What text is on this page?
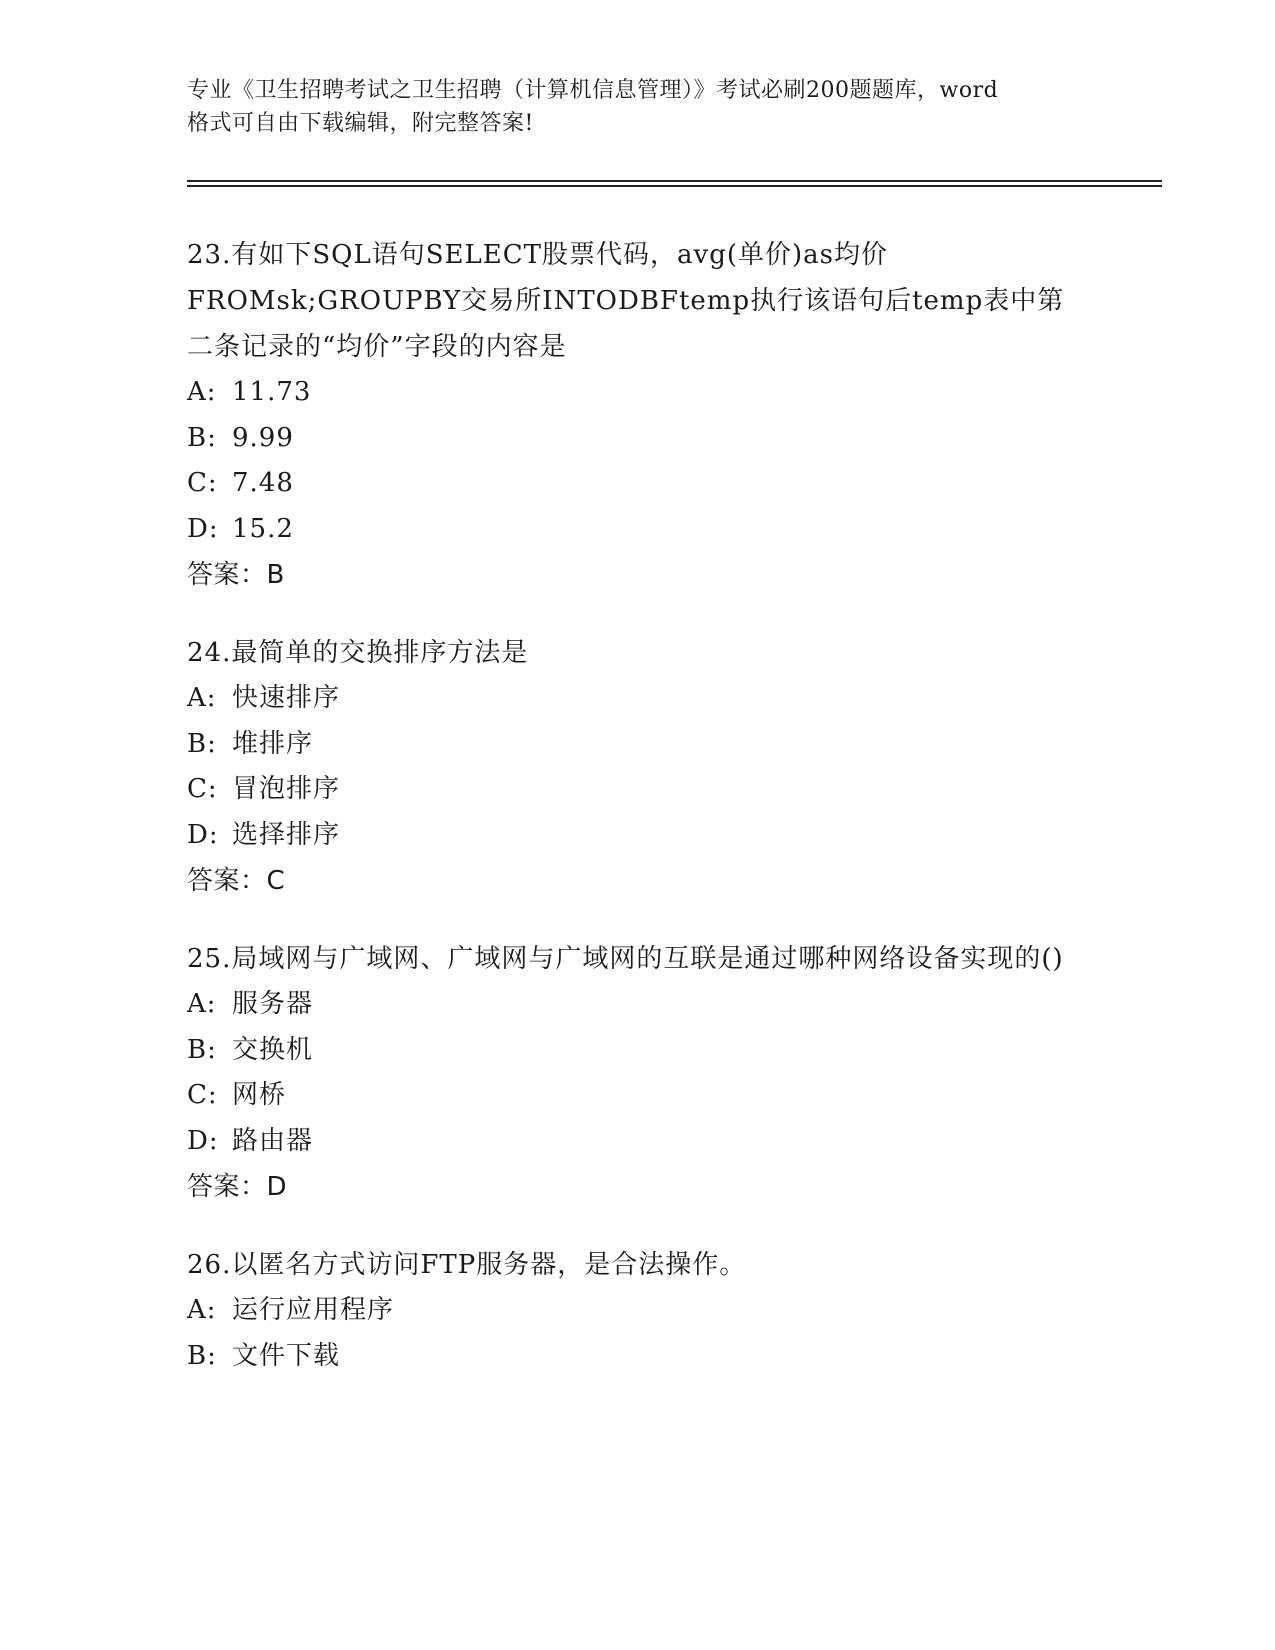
专业《卫生招聘考试之卫生招聘（计算机信息管理）》考试必刷200题题库，word
格式可自由下载编辑，附完整答案!
23.有如下SQL语句SELECT股票代码，avg(单价)as均价FROMsk;GROUPBY交易所INTODBFtemp执行该语句后temp表中第二条记录的“均价”字段的内容是
A: 11.73
B: 9.99
C: 7.48
D: 15.2
答案：B
24.最简单的交换排序方法是
A: 快速排序
B: 堆排序
C: 冒泡排序
D: 选择排序
答案：C
25.局域网与广域网、广域网与广域网的互联是通过哪种网络设备实现的()
A: 服务器
B: 交换机
C: 网桥
D: 路由器
答案：D
26.以匿名方式访问FTP服务器，是合法操作。
A: 运行应用程序
B: 文件下载
